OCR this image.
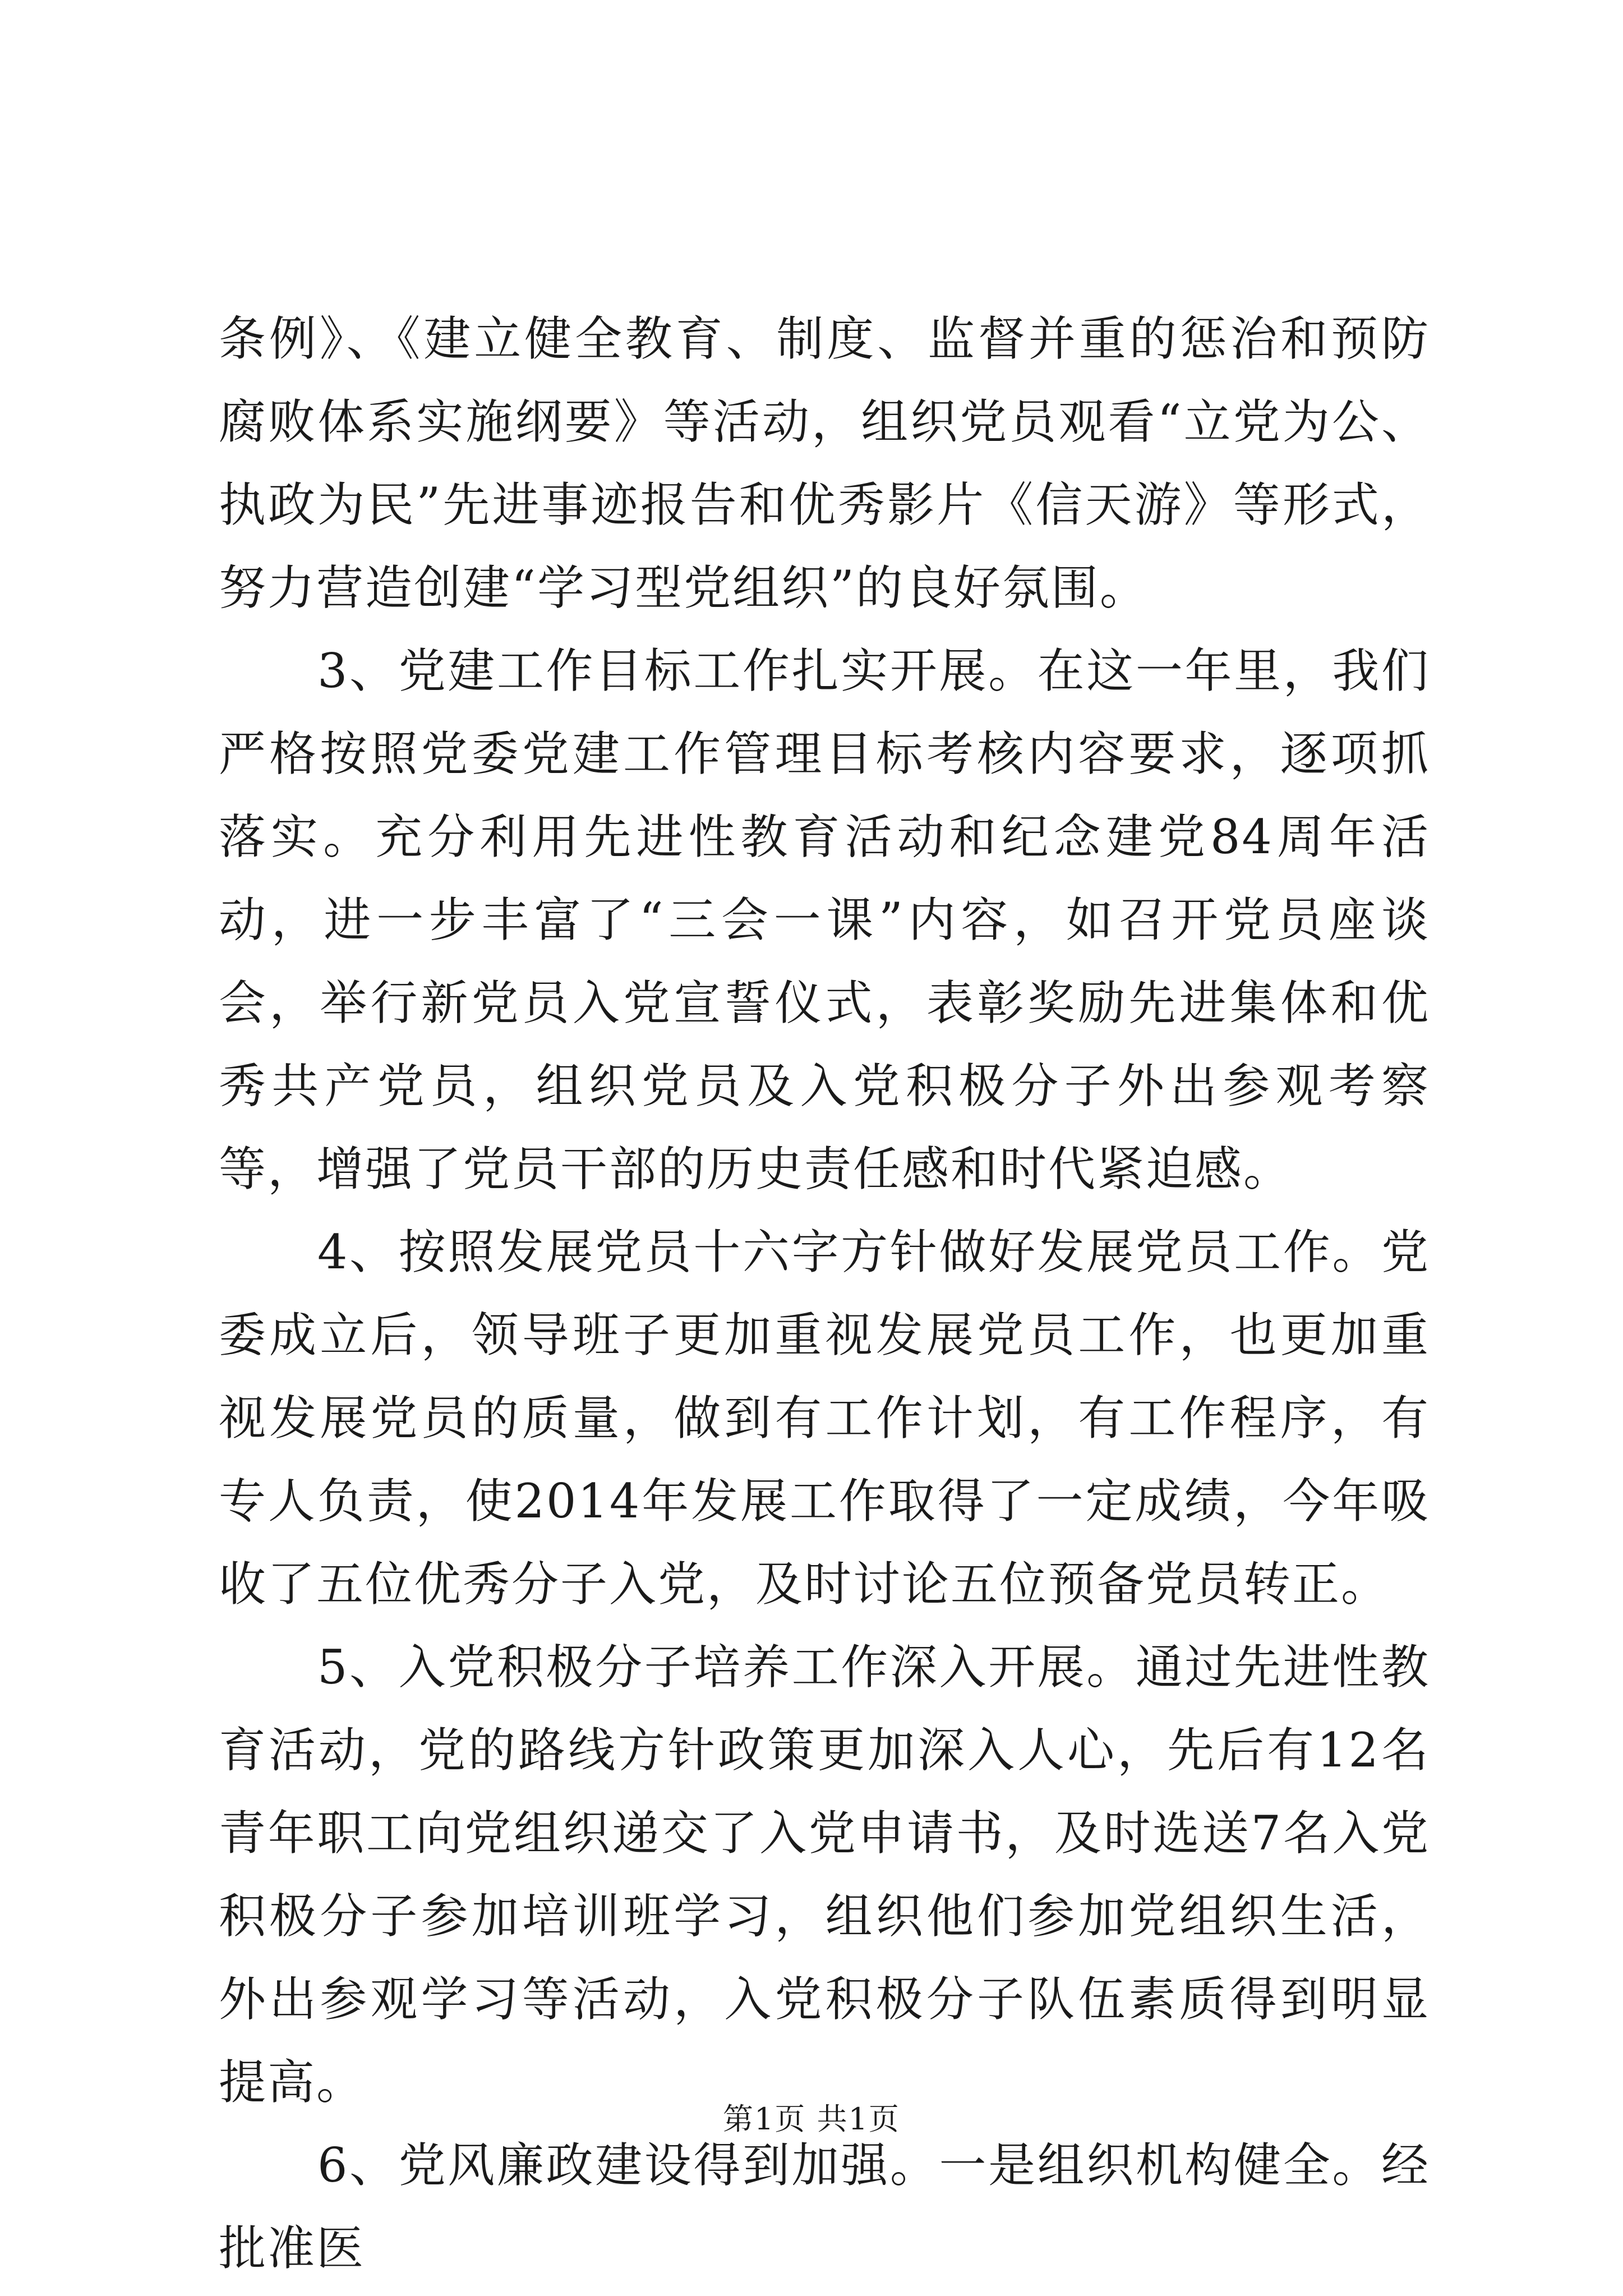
条例》、《建立健全教育、制度、监督并重的惩治和预防腐败体系实施纲要》等活动，组织党员观看“立党为公、执政为民”先进事迹报告和优秀影片《信天游》等形式，努力营造创建“学习型党组织”的良好氛围。

3、党建工作目标工作扎实开展。在这一年里，我们严格按照党委党建工作管理目标考核内容要求，逐项抓落实。充分利用先进性教育活动和纪念建党84周年活动，进一步丰富了“三会一课”内容，如召开党员座谈会，举行新党员入党宣誓仪式，表彰奖励先进集体和优秀共产党员，组织党员及入党积极分子外出参观考察等，增强了党员干部的历史责任感和时代紧迫感。

4、按照发展党员十六字方针做好发展党员工作。党委成立后，领导班子更加重视发展党员工作，也更加重视发展党员的质量，做到有工作计划，有工作程序，有专人负责，使2014年发展工作取得了一定成绩，今年吸收了五位优秀分子入党，及时讨论五位预备党员转正。

5、入党积极分子培养工作深入开展。通过先进性教育活动，党的路线方针政策更加深入人心，先后有12名青年职工向党组织递交了入党申请书，及时选送7名入党积极分子参加培训班学习，组织他们参加党组织生活，外出参观学习等活动，入党积极分子队伍素质得到明显提高。

6、党风廉政建设得到加强。一是组织机构健全。经批准医

第1页 共1页
